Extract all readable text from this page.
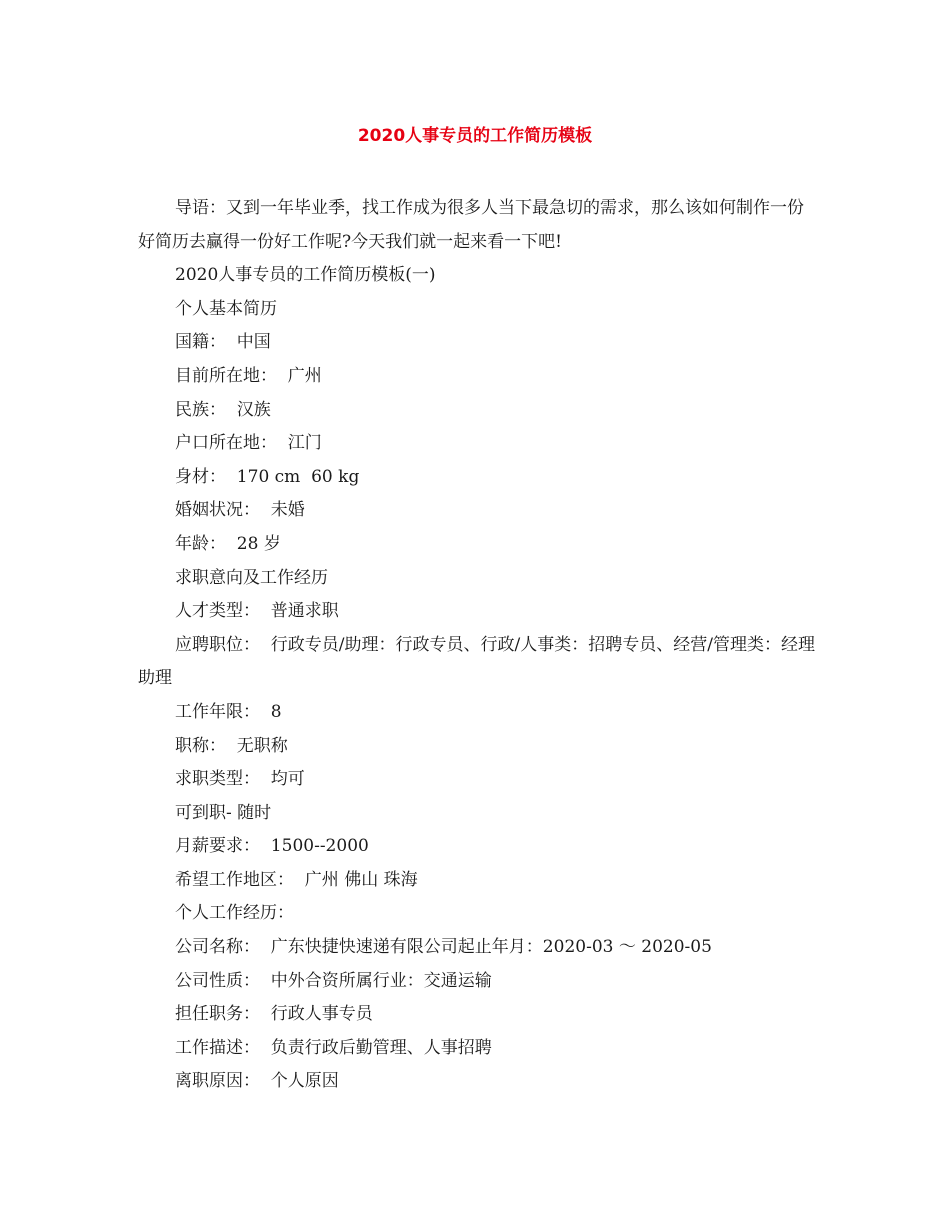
2020人事专员的工作简历模板

导语：又到一年毕业季，找工作成为很多人当下最急切的需求，那么该如何制作一份好简历去赢得一份好工作呢?今天我们就一起来看一下吧!

2020人事专员的工作简历模板(一)

个人基本简历

国籍：  中国

目前所在地：  广州

民族：  汉族

户口所在地：  江门

身材：  170 cm  60 kg

婚姻状况：  未婚

年龄：  28 岁

求职意向及工作经历

人才类型：  普通求职

应聘职位：  行政专员/助理：行政专员、行政/人事类：招聘专员、经营/管理类：经理助理

工作年限：  8

职称：  无职称

求职类型：  均可

可到职- 随时

月薪要求：  1500--2000

希望工作地区：  广州 佛山 珠海

个人工作经历：

公司名称：  广东快捷快速递有限公司起止年月：2020-03 ～ 2020-05

公司性质：  中外合资所属行业：交通运输

担任职务：  行政人事专员

工作描述：  负责行政后勤管理、人事招聘

离职原因：  个人原因
